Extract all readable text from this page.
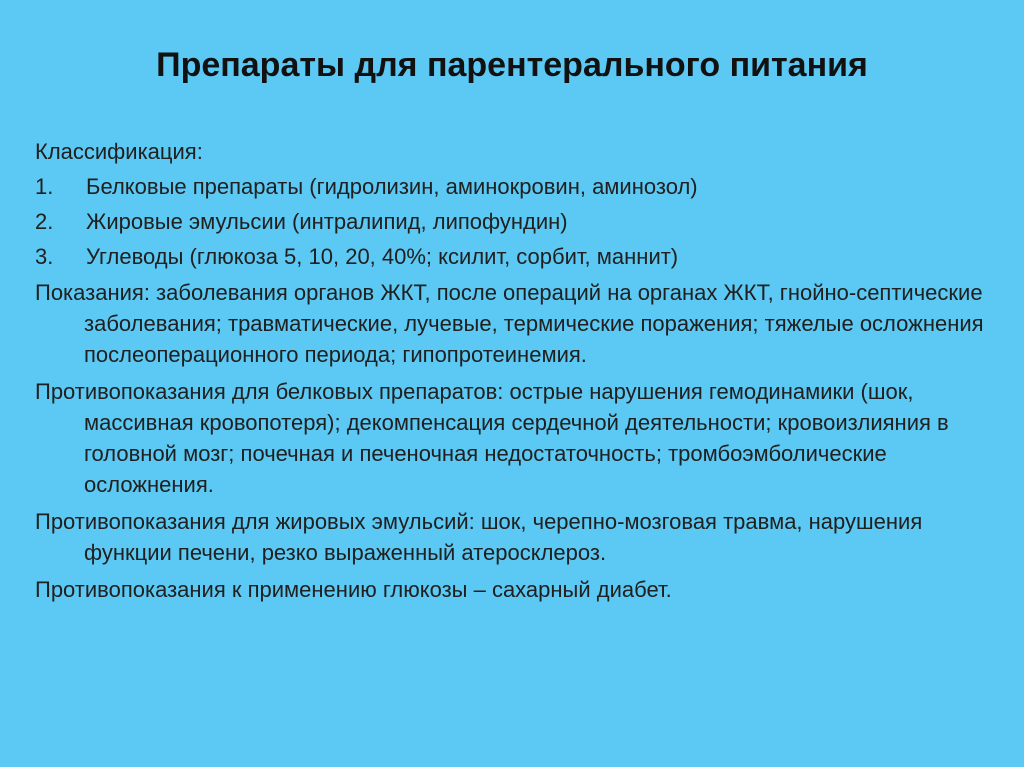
Препараты для парентерального питания
Классификация:
1.	Белковые препараты (гидролизин, аминокровин, аминозол)
2.	Жировые эмульсии (интралипид, липофундин)
3.	Углеводы (глюкоза 5, 10, 20, 40%; ксилит, сорбит, маннит)
Показания: заболевания органов ЖКТ, после операций на органах ЖКТ, гнойно-септические заболевания; травматические, лучевые, термические поражения; тяжелые осложнения послеоперационного периода; гипопротеинемия.
Противопоказания для белковых препаратов: острые нарушения гемодинамики (шок, массивная кровопотеря); декомпенсация сердечной деятельности; кровоизлияния в головной мозг; почечная и печеночная недостаточность; тромбоэмболические осложнения.
Противопоказания для жировых эмульсий: шок, черепно-мозговая травма, нарушения функции печени, резко выраженный атеросклероз.
Противопоказания к применению глюкозы – сахарный диабет.
